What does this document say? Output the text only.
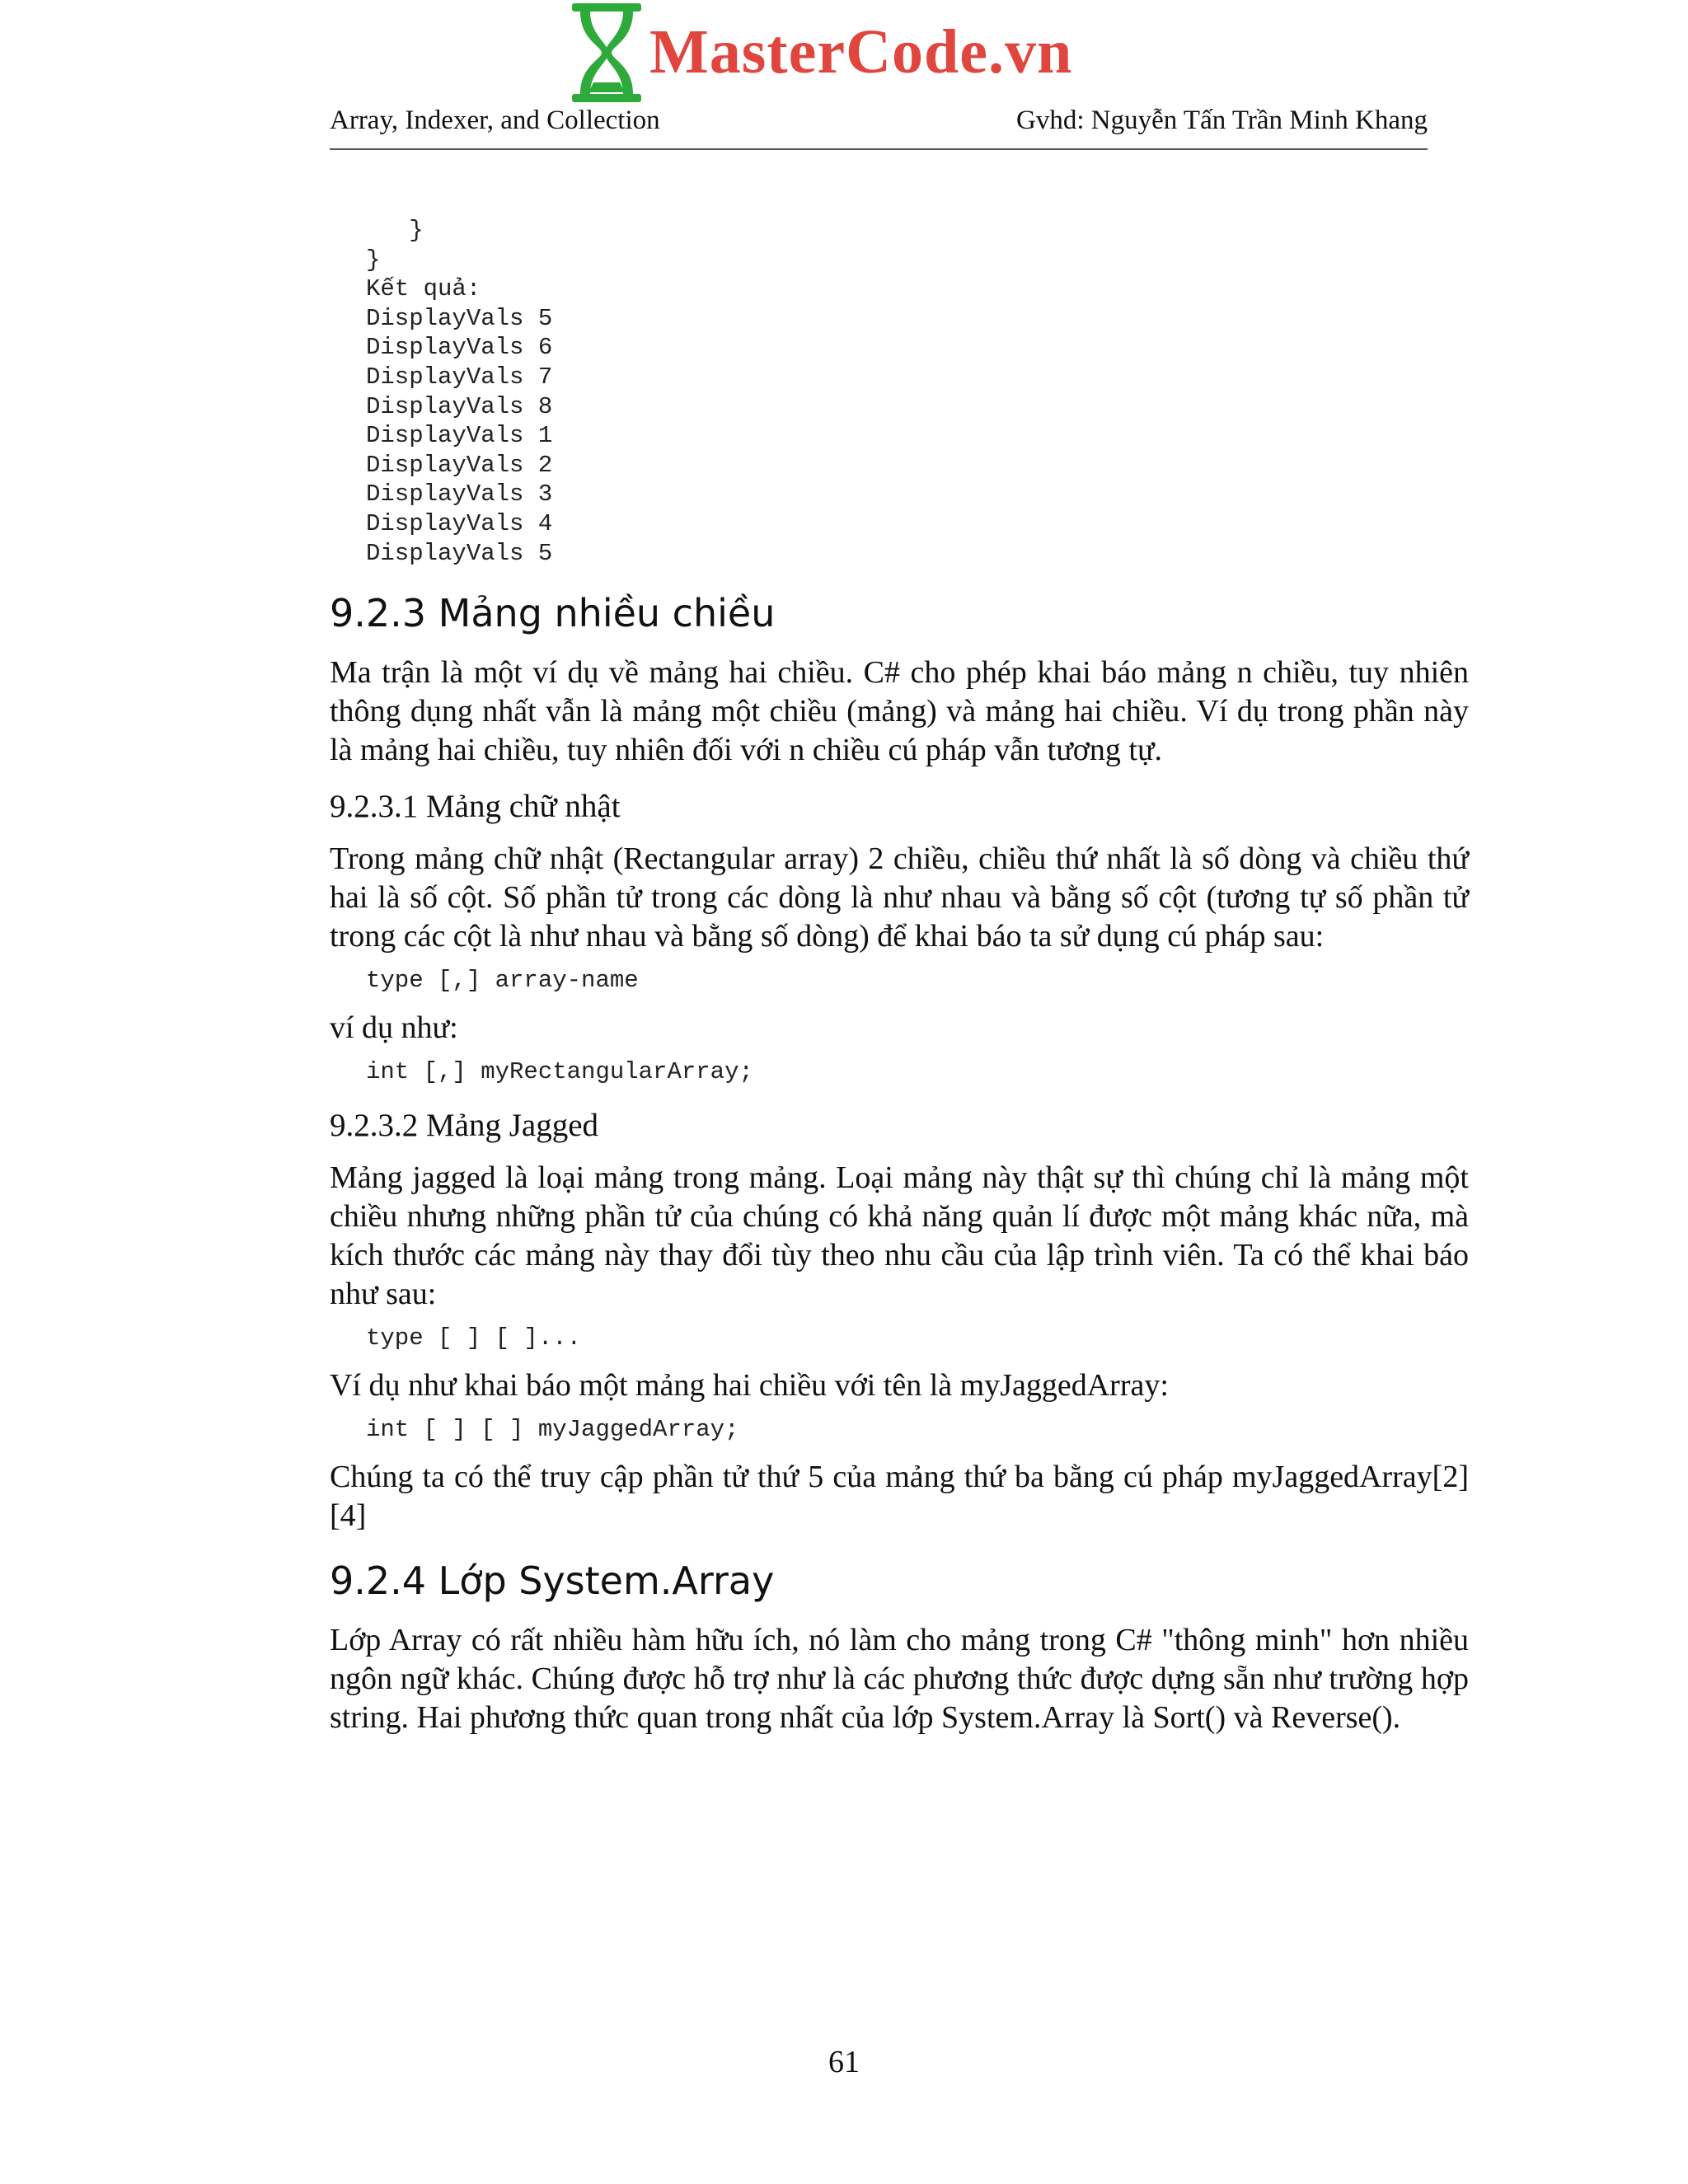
MasterCode.vn
Array, Indexer, and Collection	Gvhd: Nguyễn Tấn Trần Minh Khang
}
}
Kết quả:
DisplayVals 5
DisplayVals 6
DisplayVals 7
DisplayVals 8
DisplayVals 1
DisplayVals 2
DisplayVals 3
DisplayVals 4
DisplayVals 5
9.2.3 Mảng nhiều chiều

Ma trận là một ví dụ về mảng hai chiều. C# cho phép khai báo mảng n chiều, tuy nhiên thông dụng nhất vẫn là mảng một chiều (mảng) và mảng hai chiều. Ví dụ trong phần này là mảng hai chiều, tuy nhiên đối với n chiều cú pháp vẫn tương tự.

9.2.3.1 Mảng chữ nhật

Trong mảng chữ nhật (Rectangular array) 2 chiều, chiều thứ nhất là số dòng và chiều thứ hai là số cột. Số phần tử trong các dòng là như nhau và bằng số cột (tương tự số phần tử trong các cột là như nhau và bằng số dòng) để khai báo ta sử dụng cú pháp sau:

type [,] array-name

ví dụ như:

int [,] myRectangularArray;
9.2.3.2 Mảng Jagged

Mảng jagged là loại mảng trong mảng. Loại mảng này thật sự thì chúng chỉ là mảng một chiều nhưng những phần tử của chúng có khả năng quản lí được một mảng khác nữa, mà kích thước các mảng này thay đổi tùy theo nhu cầu của lập trình viên. Ta có thể khai báo như sau:

type [ ] [ ]...

Ví dụ như khai báo một mảng hai chiều với tên là myJaggedArray:

int [ ] [ ] myJaggedArray;

Chúng ta có thể truy cập phần tử thứ 5 của mảng thứ ba bằng cú pháp myJaggedArray[2][4]

9.2.4 Lớp System.Array

Lớp Array có rất nhiều hàm hữu ích, nó làm cho mảng trong C# "thông minh" hơn nhiều ngôn ngữ khác. Chúng được hỗ trợ như là các phương thức được dựng sẵn như trường hợp string. Hai phương thức quan trong nhất của lớp System.Array là Sort() và Reverse().

61
